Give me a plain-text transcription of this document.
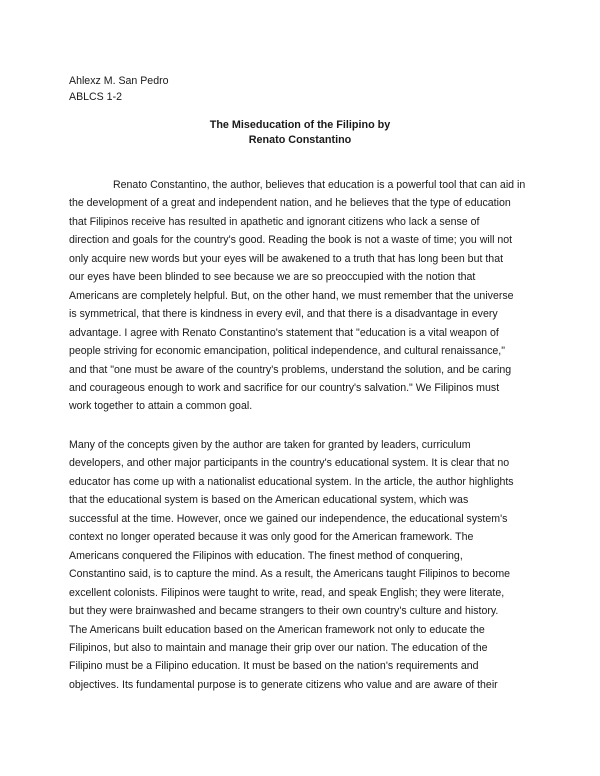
Ahlexz M. San Pedro
ABLCS 1-2
The Miseducation of the Filipino by
Renato Constantino
Renato Constantino, the author, believes that education is a powerful tool that can aid in
the development of a great and independent nation, and he believes that the type of education
that Filipinos receive has resulted in apathetic and ignorant citizens who lack a sense of
direction and goals for the country's good. Reading the book is not a waste of time; you will not
only acquire new words but your eyes will be awakened to a truth that has long been but that
our eyes have been blinded to see because we are so preoccupied with the notion that
Americans are completely helpful. But, on the other hand, we must remember that the universe
is symmetrical, that there is kindness in every evil, and that there is a disadvantage in every
advantage. I agree with Renato Constantino's statement that "education is a vital weapon of
people striving for economic emancipation, political independence, and cultural renaissance,"
and that "one must be aware of the country's problems, understand the solution, and be caring
and courageous enough to work and sacrifice for our country's salvation." We Filipinos must
work together to attain a common goal.
Many of the concepts given by the author are taken for granted by leaders, curriculum
developers, and other major participants in the country's educational system. It is clear that no
educator has come up with a nationalist educational system. In the article, the author highlights
that the educational system is based on the American educational system, which was
successful at the time. However, once we gained our independence, the educational system's
context no longer operated because it was only good for the American framework. The
Americans conquered the Filipinos with education. The finest method of conquering,
Constantino said, is to capture the mind. As a result, the Americans taught Filipinos to become
excellent colonists. Filipinos were taught to write, read, and speak English; they were literate,
but they were brainwashed and became strangers to their own country's culture and history.
The Americans built education based on the American framework not only to educate the
Filipinos, but also to maintain and manage their grip over our nation. The education of the
Filipino must be a Filipino education. It must be based on the nation's requirements and
objectives. Its fundamental purpose is to generate citizens who value and are aware of their
